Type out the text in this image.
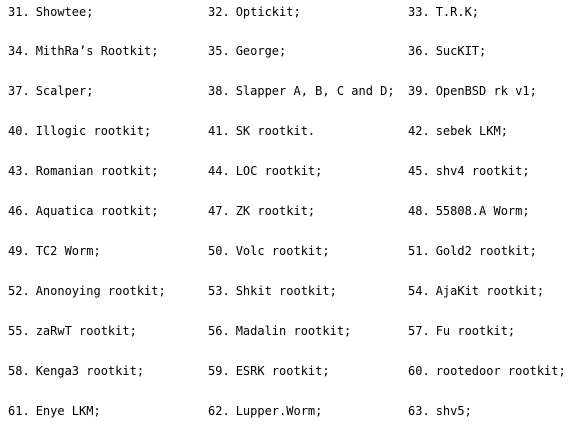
31. Showtee;	32. Optickit;	33. T.R.K;
34. MithRa’s Rootkit;	35. George;	36. SucKIT;
37. Scalper;	38. Slapper A, B, C and D; 39. OpenBSD rk v1;
40. Illogic rootkit;	41. SK rootkit.	42. sebek LKM;
43. Romanian rootkit;	44. LOC rootkit;	45. shv4 rootkit;
46. Aquatica rootkit;	47. ZK rootkit;	48. 55808.A Worm;
49. TC2 Worm;	50. Volc rootkit;	51. Gold2 rootkit;
52. Anonoying rootkit;	53. Shkit rootkit;	54. AjaKit rootkit;
55. zaRwT rootkit;	56. Madalin rootkit;	57. Fu rootkit;
58. Kenga3 rootkit;	59. ESRK rootkit;	60. rootedoor rootkit;
61. Enye LKM;	62. Lupper.Worm;	63. shv5;
